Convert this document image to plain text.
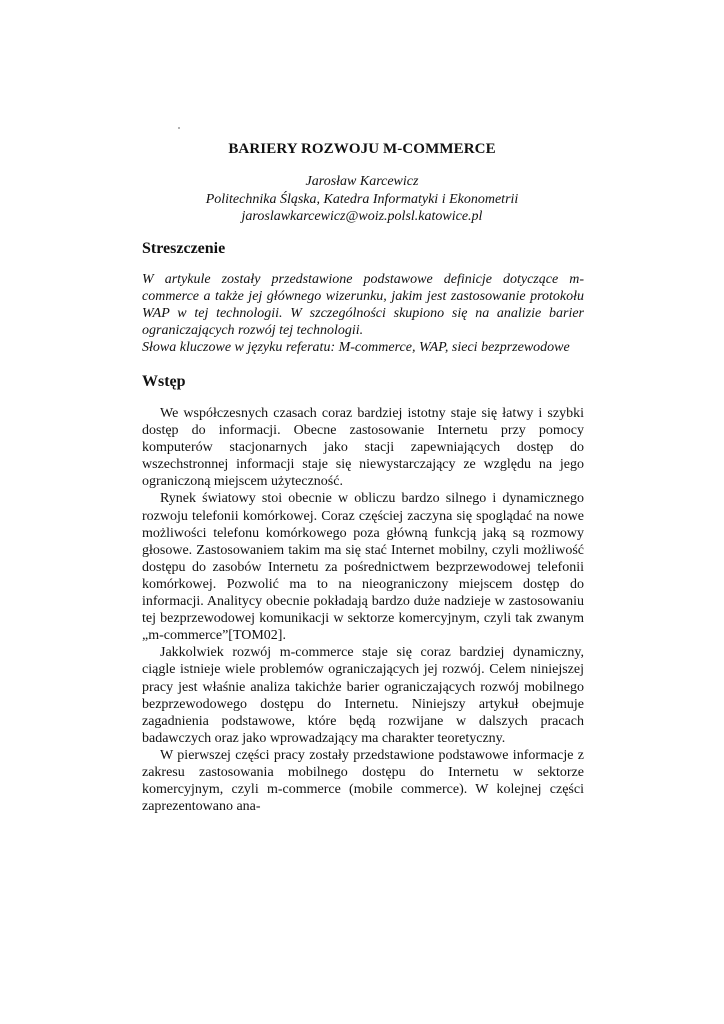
BARIERY ROZWOJU M-COMMERCE
Jarosław Karcewicz
Politechnika Śląska, Katedra Informatyki i Ekonometrii
jaroslawkarcewicz@woiz.polsl.katowice.pl
Streszczenie

W artykule zostały przedstawione podstawowe definicje dotyczące m-commerce a także jej głównego wizerunku, jakim jest zastosowanie protokołu WAP w tej technologii. W szczególności skupiono się na analizie barier ograniczających rozwój tej technologii.

Słowa kluczowe w języku referatu: M-commerce, WAP, sieci bezprzewodowe

Wstęp

We współczesnych czasach coraz bardziej istotny staje się łatwy i szybki dostęp do informacji. Obecne zastosowanie Internetu przy pomocy komputerów stacjonarnych jako stacji zapewniających dostęp do wszechstronnej informacji staje się niewystarczający ze względu na jego ograniczoną miejscem użyteczność.

Rynek światowy stoi obecnie w obliczu bardzo silnego i dynamicznego rozwoju telefonii komórkowej. Coraz częściej zaczyna się spoglądać na nowe możliwości telefonu komórkowego poza główną funkcją jaką są rozmowy głosowe. Zastosowaniem takim ma się stać Internet mobilny, czyli możliwość dostępu do zasobów Internetu za pośrednictwem bezprzewodowej telefonii komórkowej. Pozwolić ma to na nieograniczony miejscem dostęp do informacji. Analitycy obecnie pokładają bardzo duże nadzieje w zastosowaniu tej bezprzewodowej komunikacji w sektorze komercyjnym, czyli tak zwanym „m-commerce”[TOM02].

Jakkolwiek rozwój m-commerce staje się coraz bardziej dynamiczny, ciągle istnieje wiele problemów ograniczających jej rozwój. Celem niniejszej pracy jest właśnie analiza takichże barier ograniczających rozwój mobilnego bezprzewodowego dostępu do Internetu. Niniejszy artykuł obejmuje zagadnienia podstawowe, które będą rozwijane w dalszych pracach badawczych oraz jako wprowadzający ma charakter teoretyczny.

W pierwszej części pracy zostały przedstawione podstawowe informacje z zakresu zastosowania mobilnego dostępu do Internetu w sektorze komercyjnym, czyli m-commerce (mobile commerce). W kolejnej części zaprezentowano ana-
